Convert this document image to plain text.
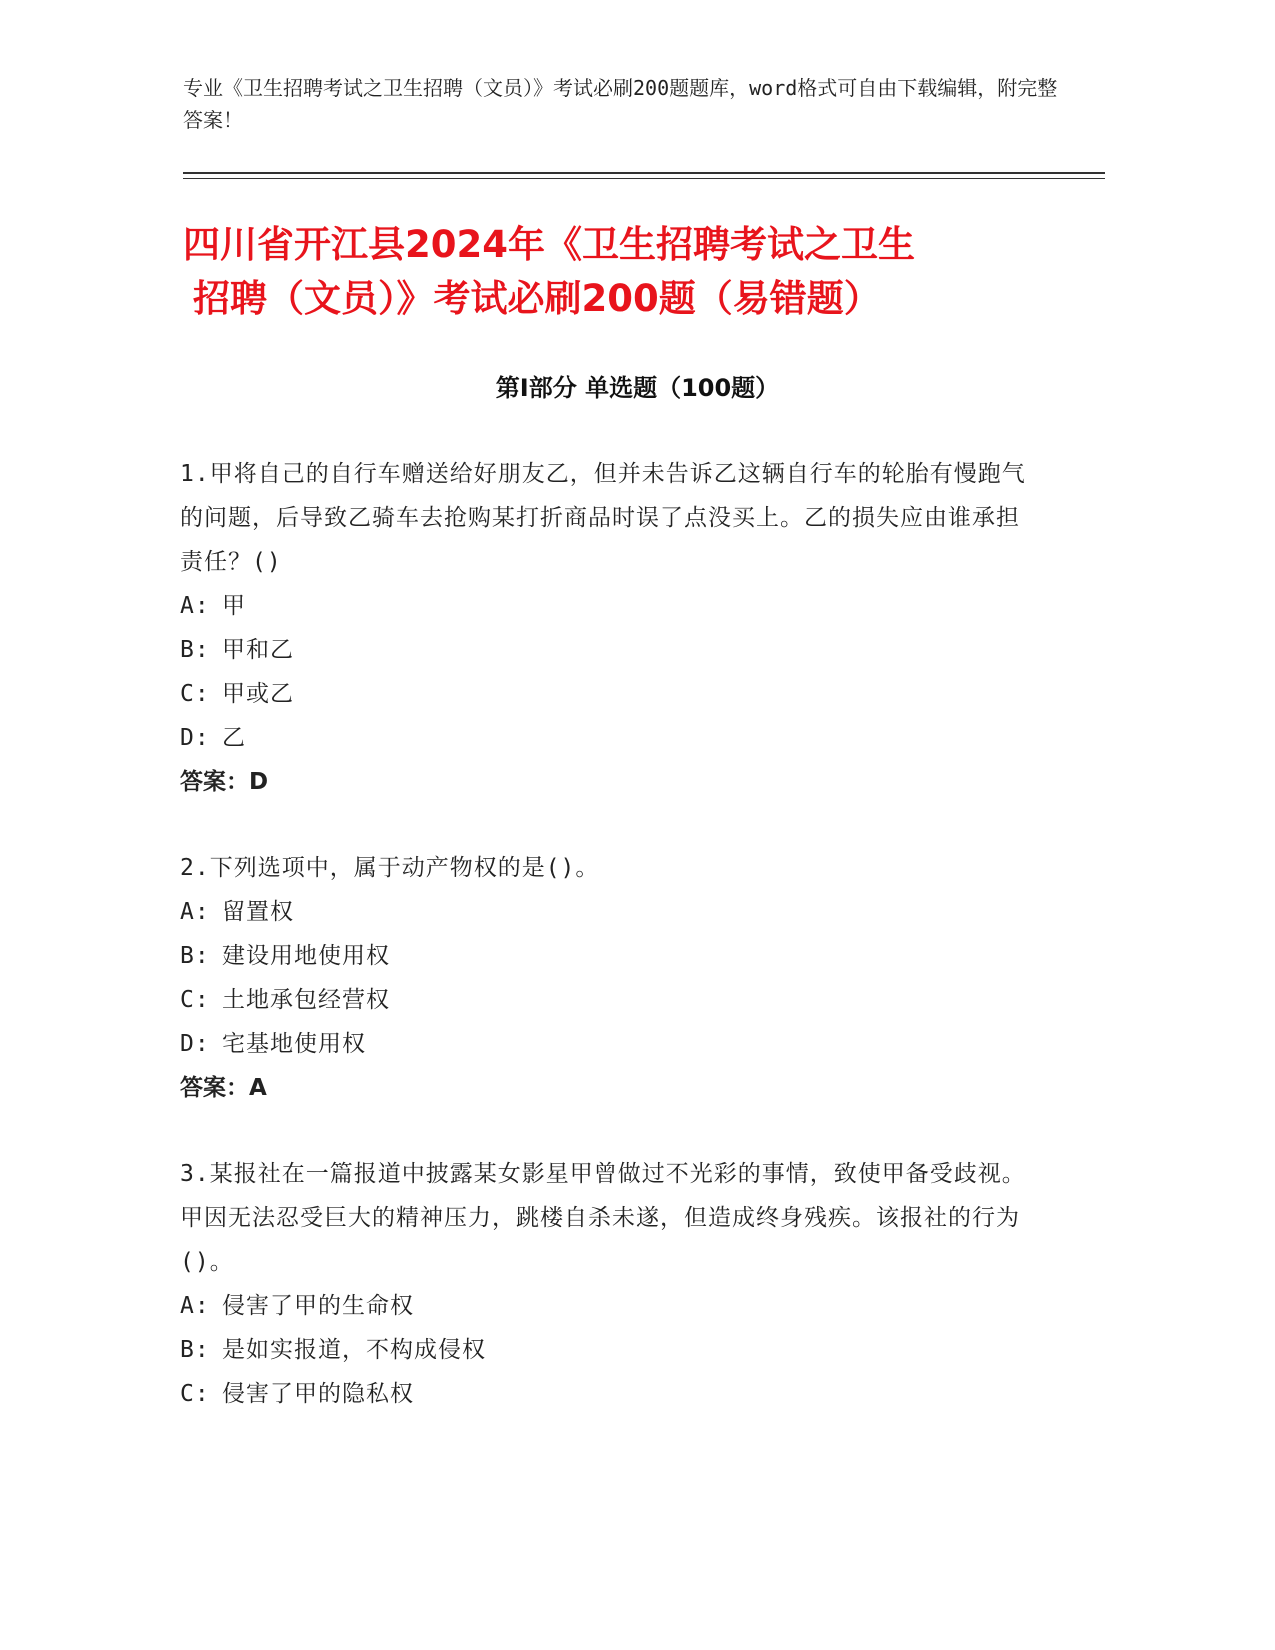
专业《卫生招聘考试之卫生招聘（文员）》考试必刷200题题库，word格式可自由下载编辑，附完整答案！
四川省开江县2024年《卫生招聘考试之卫生
招聘（文员）》考试必刷200题（易错题）
第I部分 单选题（100题）
1.甲将自己的自行车赠送给好朋友乙，但并未告诉乙这辆自行车的轮胎有慢跑气的问题，后导致乙骑车去抢购某打折商品时误了点没买上。乙的损失应由谁承担责任？()
A: 甲
B: 甲和乙
C: 甲或乙
D: 乙
答案：D
2.下列选项中，属于动产物权的是()。
A: 留置权
B: 建设用地使用权
C: 土地承包经营权
D: 宅基地使用权
答案：A
3.某报社在一篇报道中披露某女影星甲曾做过不光彩的事情，致使甲备受歧视。甲因无法忍受巨大的精神压力，跳楼自杀未遂，但造成终身残疾。该报社的行为()。
A: 侵害了甲的生命权
B: 是如实报道，不构成侵权
C: 侵害了甲的隐私权
